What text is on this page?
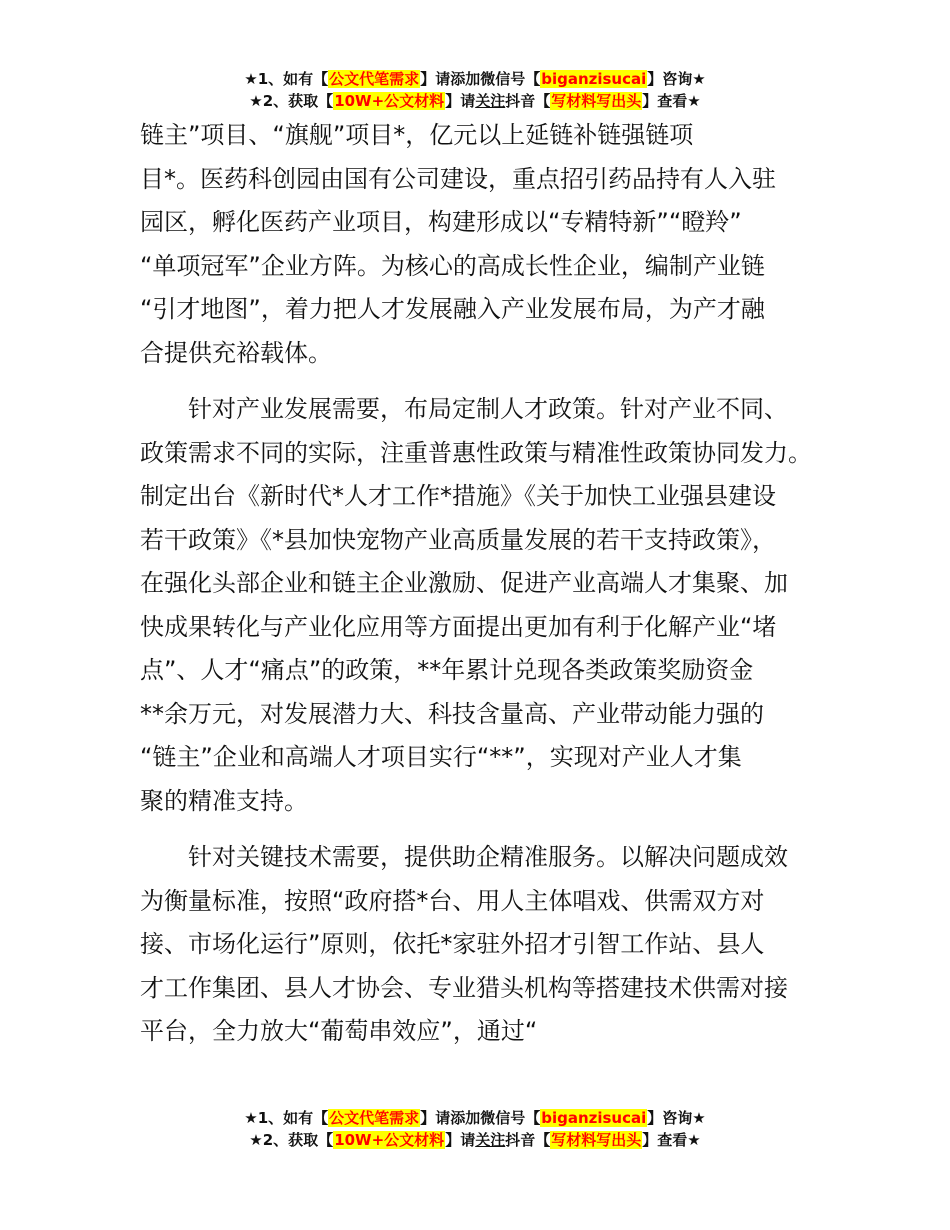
★1、如有【公文代笔需求】请添加微信号【biganzisucai】咨询★
★2、获取【10W+公文材料】请关注抖音【写材料写出头】查看★
链主”项目、“旗舰”项目*，亿元以上延链补链强链项
目*。医药科创园由国有公司建设，重点招引药品持有人入驻
园区，孵化医药产业项目，构建形成以“专精特新”“瞪羚”
“单项冠军”企业方阵。为核心的高成长性企业，编制产业链
“引才地图”，着力把人才发展融入产业发展布局，为产才融
合提供充裕载体。
针对产业发展需要，布局定制人才政策。针对产业不同、
政策需求不同的实际，注重普惠性政策与精准性政策协同发力。
制定出台《新时代*人才工作*措施》《关于加快工业强县建设
若干政策》《*县加快宠物产业高质量发展的若干支持政策》，
在强化头部企业和链主企业激励、促进产业高端人才集聚、加
快成果转化与产业化应用等方面提出更加有利于化解产业“堵
点”、人才“痛点”的政策，**年累计兑现各类政策奖励资金
**余万元，对发展潜力大、科技含量高、产业带动能力强的
“链主”企业和高端人才项目实行“**”，实现对产业人才集
聚的精准支持。
针对关键技术需要，提供助企精准服务。以解决问题成效
为衡量标准，按照“政府搭*台、用人主体唱戏、供需双方对
接、市场化运行”原则，依托*家驻外招才引智工作站、县人
才工作集团、县人才协会、专业猎头机构等搭建技术供需对接
平台，全力放大“葡萄串效应”，通过“
★1、如有【公文代笔需求】请添加微信号【biganzisucai】咨询★
★2、获取【10W+公文材料】请关注抖音【写材料写出头】查看★
